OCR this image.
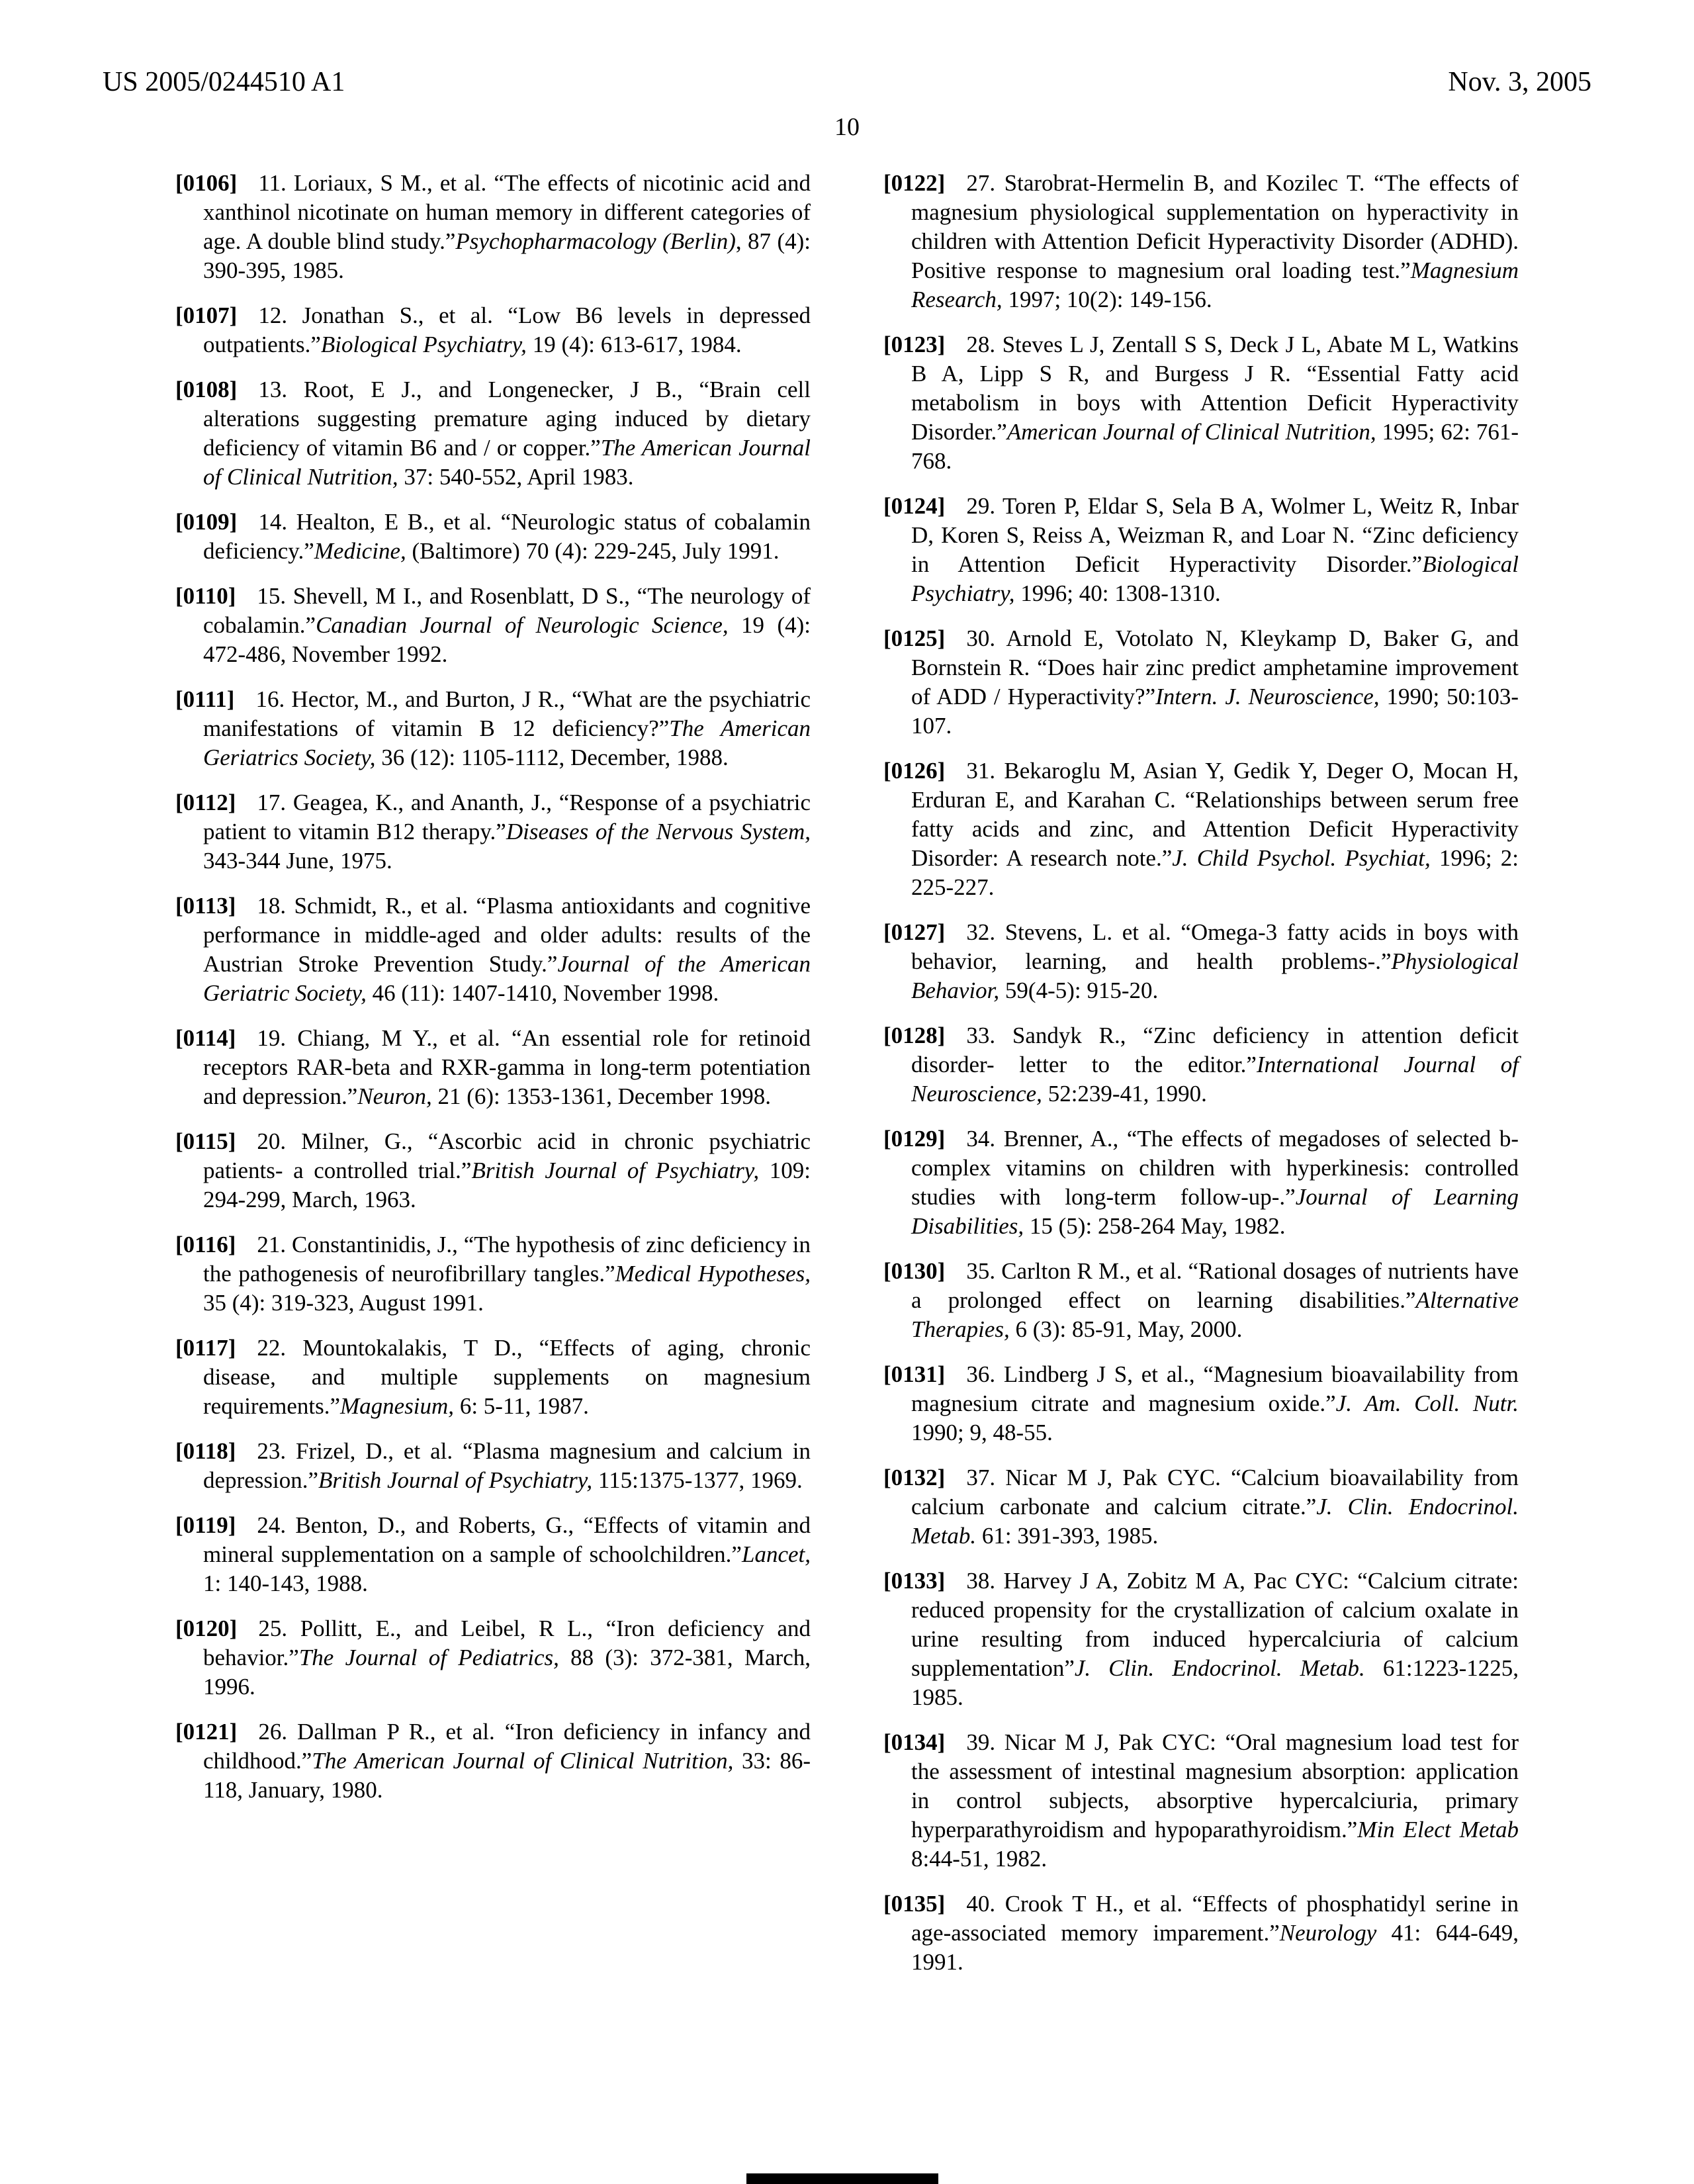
US 2005/0244510 A1	Nov. 3, 2005
10

[0106] 11. Loriaux, S M., et al. “The effects of nicotinic acid and xanthinol nicotinate on human memory in different categories of age. A double blind study.”Psychopharmacology (Berlin), 87 (4): 390-395, 1985.

[0107] 12. Jonathan S., et al. “Low B6 levels in depressed outpatients.”Biological Psychiatry, 19 (4): 613-617, 1984.

[0108] 13. Root, E J., and Longenecker, J B., “Brain cell alterations suggesting premature aging induced by dietary deficiency of vitamin B6 and / or copper.”The American Journal of Clinical Nutrition, 37: 540-552, April 1983.

[0109] 14. Healton, E B., et al. “Neurologic status of cobalamin deficiency.”Medicine, (Baltimore) 70 (4): 229-245, July 1991.

[0110] 15. Shevell, M I., and Rosenblatt, D S., “The neurology of cobalamin.”Canadian Journal of Neurologic Science, 19 (4): 472-486, November 1992.

[0111] 16. Hector, M., and Burton, J R., “What are the psychiatric manifestations of vitamin B 12 deficiency?”The American Geriatrics Society, 36 (12): 1105-1112, December, 1988.

[0112] 17. Geagea, K., and Ananth, J., “Response of a psychiatric patient to vitamin B12 therapy.”Diseases of the Nervous System, 343-344 June, 1975.

[0113] 18. Schmidt, R., et al. “Plasma antioxidants and cognitive performance in middle-aged and older adults: results of the Austrian Stroke Prevention Study.”Journal of the American Geriatric Society, 46 (11): 1407-1410, November 1998.

[0114] 19. Chiang, M Y., et al. “An essential role for retinoid receptors RAR-beta and RXR-gamma in long-term potentiation and depression.”Neuron, 21 (6): 1353-1361, December 1998.

[0115] 20. Milner, G., “Ascorbic acid in chronic psychiatric patients- a controlled trial.”British Journal of Psychiatry, 109: 294-299, March, 1963.

[0116] 21. Constantinidis, J., “The hypothesis of zinc deficiency in the pathogenesis of neurofibrillary tangles.”Medical Hypotheses, 35 (4): 319-323, August 1991.

[0117] 22. Mountokalakis, T D., “Effects of aging, chronic disease, and multiple supplements on magnesium requirements.”Magnesium, 6: 5-11, 1987.

[0118] 23. Frizel, D., et al. “Plasma magnesium and calcium in depression.”British Journal of Psychiatry, 115:1375-1377, 1969.

[0119] 24. Benton, D., and Roberts, G., “Effects of vitamin and mineral supplementation on a sample of schoolchildren.”Lancet, 1: 140-143, 1988.

[0120] 25. Pollitt, E., and Leibel, R L., “Iron deficiency and behavior.”The Journal of Pediatrics, 88 (3): 372-381, March, 1996.

[0121] 26. Dallman P R., et al. “Iron deficiency in infancy and childhood.”The American Journal of Clinical Nutrition, 33: 86-118, January, 1980.

[0122] 27. Starobrat-Hermelin B, and Kozilec T. “The effects of magnesium physiological supplementation on hyperactivity in children with Attention Deficit Hyperactivity Disorder (ADHD). Positive response to magnesium oral loading test.”Magnesium Research, 1997; 10(2): 149-156.

[0123] 28. Steves L J, Zentall S S, Deck J L, Abate M L, Watkins B A, Lipp S R, and Burgess J R. “Essential Fatty acid metabolism in boys with Attention Deficit Hyperactivity Disorder.”American Journal of Clinical Nutrition, 1995; 62: 761-768.

[0124] 29. Toren P, Eldar S, Sela B A, Wolmer L, Weitz R, Inbar D, Koren S, Reiss A, Weizman R, and Loar N. “Zinc deficiency in Attention Deficit Hyperactivity Disorder.”Biological Psychiatry, 1996; 40: 1308-1310.

[0125] 30. Arnold E, Votolato N, Kleykamp D, Baker G, and Bornstein R. “Does hair zinc predict amphetamine improvement of ADD / Hyperactivity?”Intern. J. Neuroscience, 1990; 50:103-107.

[0126] 31. Bekaroglu M, Asian Y, Gedik Y, Deger O, Mocan H, Erduran E, and Karahan C. “Relationships between serum free fatty acids and zinc, and Attention Deficit Hyperactivity Disorder: A research note.”J. Child Psychol. Psychiat, 1996; 2: 225-227.

[0127] 32. Stevens, L. et al. “Omega-3 fatty acids in boys with behavior, learning, and health problems-.”Physiological Behavior, 59(4-5): 915-20.

[0128] 33. Sandyk R., “Zinc deficiency in attention deficit disorder- letter to the editor.”International Journal of Neuroscience, 52:239-41, 1990.

[0129] 34. Brenner, A., “The effects of megadoses of selected b-complex vitamins on children with hyperkinesis: controlled studies with long-term follow-up-.”Journal of Learning Disabilities, 15 (5): 258-264 May, 1982.

[0130] 35. Carlton R M., et al. “Rational dosages of nutrients have a prolonged effect on learning disabilities.”Alternative Therapies, 6 (3): 85-91, May, 2000.

[0131] 36. Lindberg J S, et al., “Magnesium bioavailability from magnesium citrate and magnesium oxide.”J. Am. Coll. Nutr. 1990; 9, 48-55.

[0132] 37. Nicar M J, Pak CYC. “Calcium bioavailability from calcium carbonate and calcium citrate.”J. Clin. Endocrinol. Metab. 61: 391-393, 1985.

[0133] 38. Harvey J A, Zobitz M A, Pac CYC: “Calcium citrate: reduced propensity for the crystallization of calcium oxalate in urine resulting from induced hypercalciuria of calcium supplementation”J. Clin. Endocrinol. Metab. 61:1223-1225, 1985.

[0134] 39. Nicar M J, Pak CYC: “Oral magnesium load test for the assessment of intestinal magnesium absorption: application in control subjects, absorptive hypercalciuria, primary hyperparathyroidism and hypoparathyroidism.”Min Elect Metab 8:44-51, 1982.

[0135] 40. Crook T H., et al. “Effects of phosphatidyl serine in age-associated memory imparement.”Neurology 41: 644-649, 1991.
